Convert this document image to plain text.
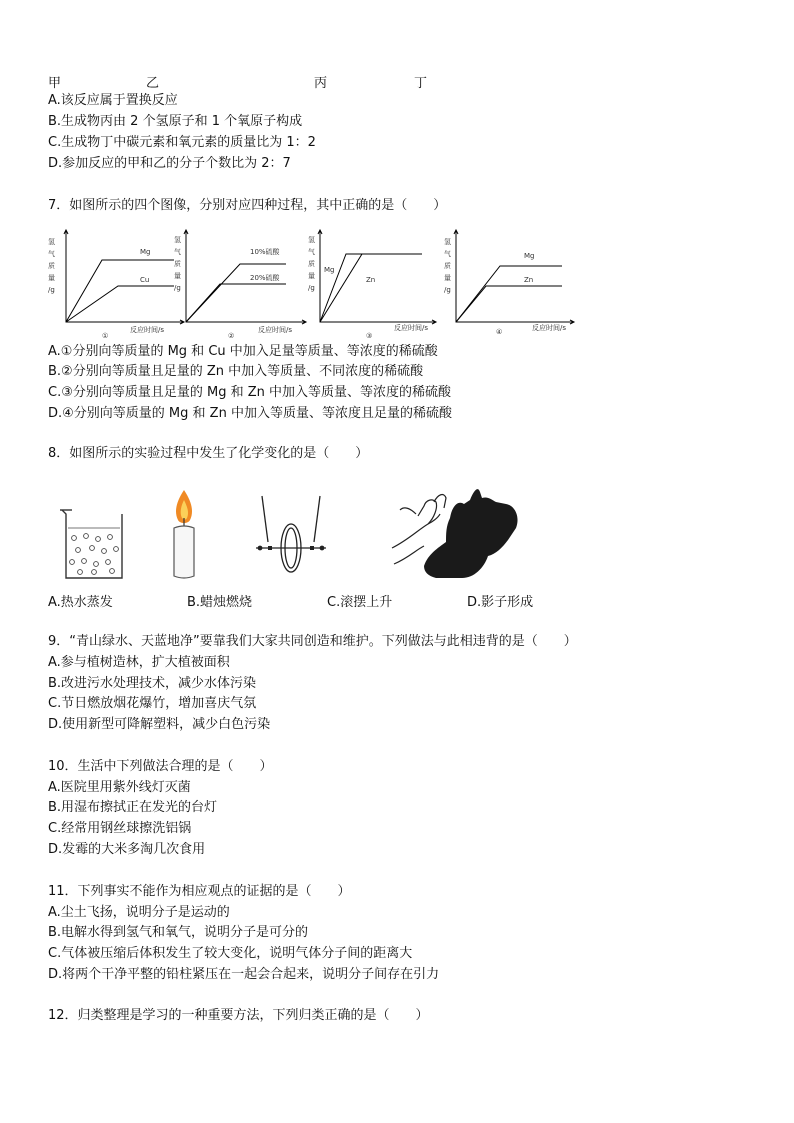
甲	乙	丙	丁
A.该反应属于置换反应
B.生成物丙由 2 个氢原子和 1 个氧原子构成
C.生成物丁中碳元素和氧元素的质量比为 1：2
D.参加反应的甲和乙的分子个数比为 2：7
7．如图所示的四个图像，分别对应四种过程，其中正确的是（　　）
氢
气
质
量
/g
Mg
Cu
反应时间/s
①
氢
气
质
量
/g
10%硫酸
20%硫酸
反应时间/s
②
氢
气
质
量
/g
Mg
Zn
反应时间/s
③
氢
气
质
量
/g
Mg
Zn
反应时间/s
④
A.①分别向等质量的 Mg 和 Cu 中加入足量等质量、等浓度的稀硫酸
B.②分别向等质量且足量的 Zn 中加入等质量、不同浓度的稀硫酸
C.③分别向等质量且足量的 Mg 和 Zn 中加入等质量、等浓度的稀硫酸
D.④分别向等质量的 Mg 和 Zn 中加入等质量、等浓度且足量的稀硫酸
8．如图所示的实验过程中发生了化学变化的是（　　）
A.热水蒸发	B.蜡烛燃烧	C.滚摆上升	D.影子形成
9．“青山绿水、天蓝地净”要靠我们大家共同创造和维护。下列做法与此相违背的是（　　）
A.参与植树造林，扩大植被面积
B.改进污水处理技术，减少水体污染
C.节日燃放烟花爆竹，增加喜庆气氛
D.使用新型可降解塑料，减少白色污染
10．生活中下列做法合理的是（　　）
A.医院里用紫外线灯灭菌
B.用湿布擦拭正在发光的台灯
C.经常用钢丝球擦洗铝锅
D.发霉的大米多淘几次食用
11．下列事实不能作为相应观点的证据的是（　　）
A.尘土飞扬，说明分子是运动的
B.电解水得到氢气和氧气，说明分子是可分的
C.气体被压缩后体积发生了较大变化，说明气体分子间的距离大
D.将两个干净平整的铅柱紧压在一起会合起来，说明分子间存在引力
12．归类整理是学习的一种重要方法，下列归类正确的是（　　）
